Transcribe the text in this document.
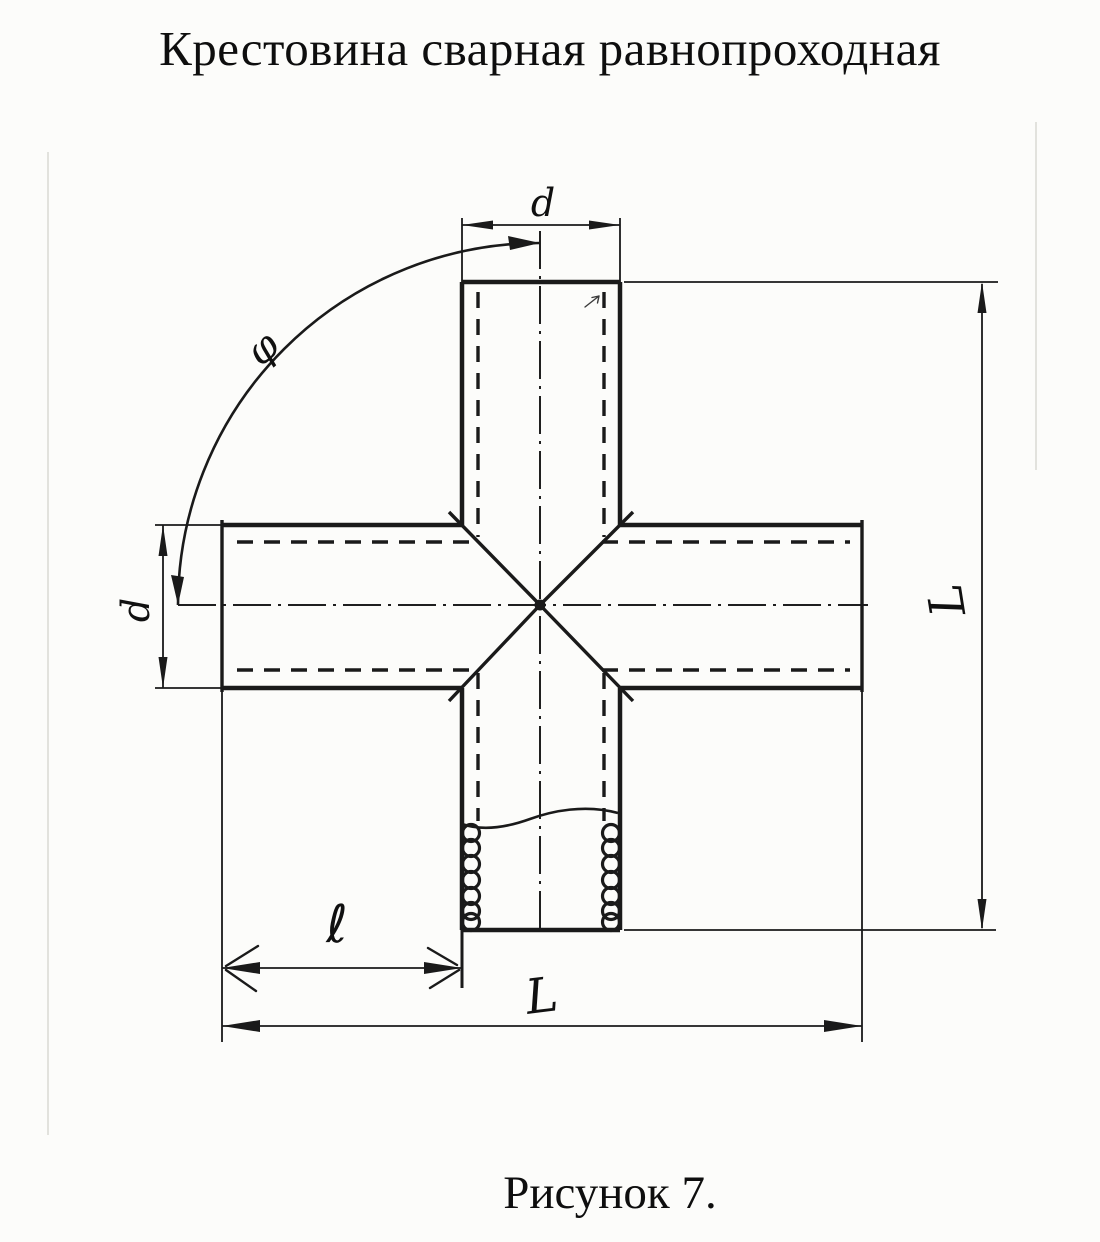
Крестовина сварная равнопроходная
d
d
φ
L
ℓ
L
Рисунок 7.
